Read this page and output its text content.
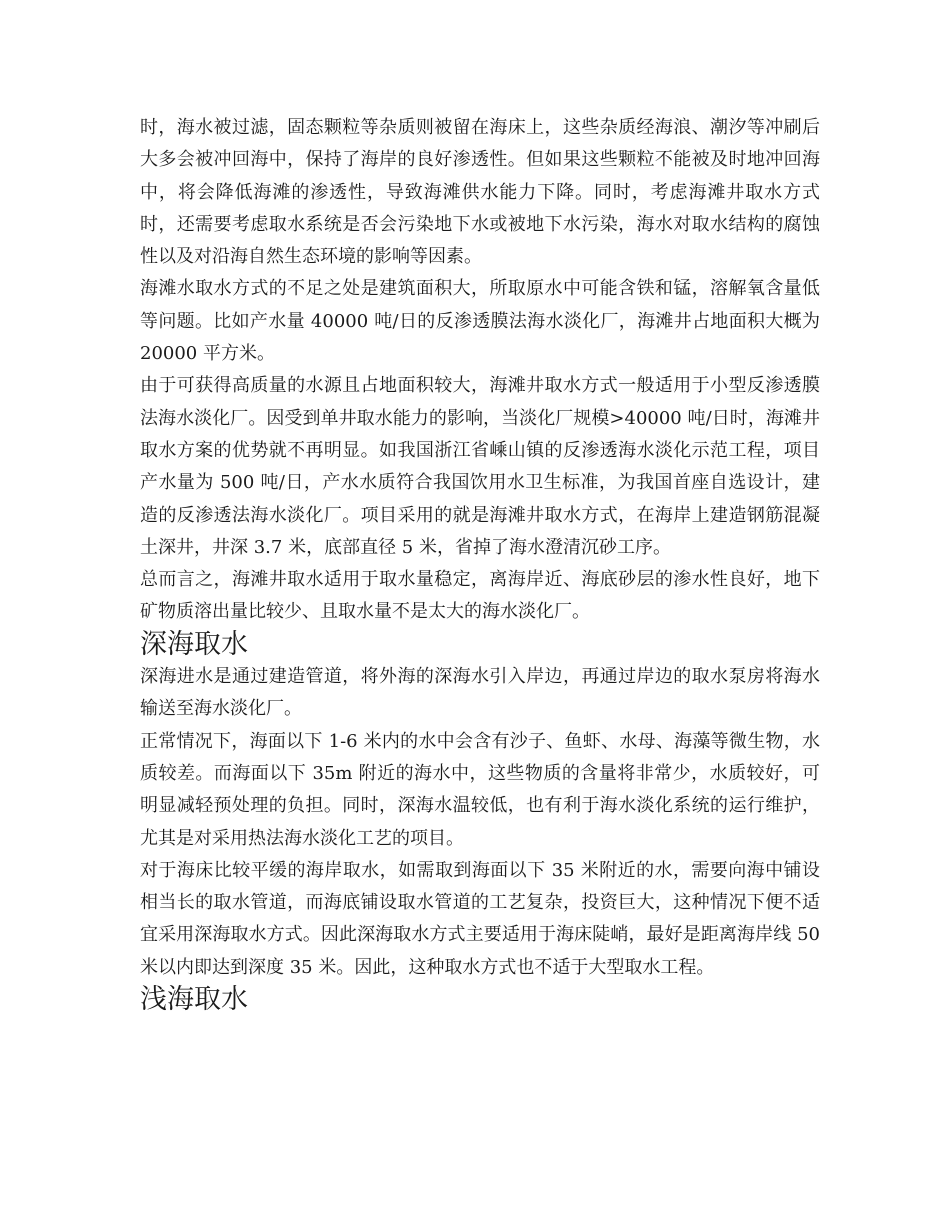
时，海水被过滤，固态颗粒等杂质则被留在海床上，这些杂质经海浪、潮汐等冲刷后大多会被冲回海中，保持了海岸的良好渗透性。但如果这些颗粒不能被及时地冲回海中，将会降低海滩的渗透性，导致海滩供水能力下降。同时，考虑海滩井取水方式时，还需要考虑取水系统是否会污染地下水或被地下水污染，海水对取水结构的腐蚀性以及对沿海自然生态环境的影响等因素。

海滩水取水方式的不足之处是建筑面积大，所取原水中可能含铁和锰，溶解氧含量低等问题。比如产水量 40000 吨/日的反渗透膜法海水淡化厂，海滩井占地面积大概为 20000 平方米。

由于可获得高质量的水源且占地面积较大，海滩井取水方式一般适用于小型反渗透膜法海水淡化厂。因受到单井取水能力的影响，当淡化厂规模>40000 吨/日时，海滩井取水方案的优势就不再明显。如我国浙江省嵊山镇的反渗透海水淡化示范工程，项目产水量为 500 吨/日，产水水质符合我国饮用水卫生标准，为我国首座自选设计，建造的反渗透法海水淡化厂。项目采用的就是海滩井取水方式，在海岸上建造钢筋混凝土深井，井深 3.7 米，底部直径 5 米，省掉了海水澄清沉砂工序。

总而言之，海滩井取水适用于取水量稳定，离海岸近、海底砂层的渗水性良好，地下矿物质溶出量比较少、且取水量不是太大的海水淡化厂。

深海取水

深海进水是通过建造管道，将外海的深海水引入岸边，再通过岸边的取水泵房将海水输送至海水淡化厂。

正常情况下，海面以下 1-6 米内的水中会含有沙子、鱼虾、水母、海藻等微生物，水质较差。而海面以下 35m 附近的海水中，这些物质的含量将非常少，水质较好，可明显减轻预处理的负担。同时，深海水温较低，也有利于海水淡化系统的运行维护，尤其是对采用热法海水淡化工艺的项目。

对于海床比较平缓的海岸取水，如需取到海面以下 35 米附近的水，需要向海中铺设相当长的取水管道，而海底铺设取水管道的工艺复杂，投资巨大，这种情况下便不适宜采用深海取水方式。因此深海取水方式主要适用于海床陡峭，最好是距离海岸线 50 米以内即达到深度 35 米。因此，这种取水方式也不适于大型取水工程。

浅海取水
